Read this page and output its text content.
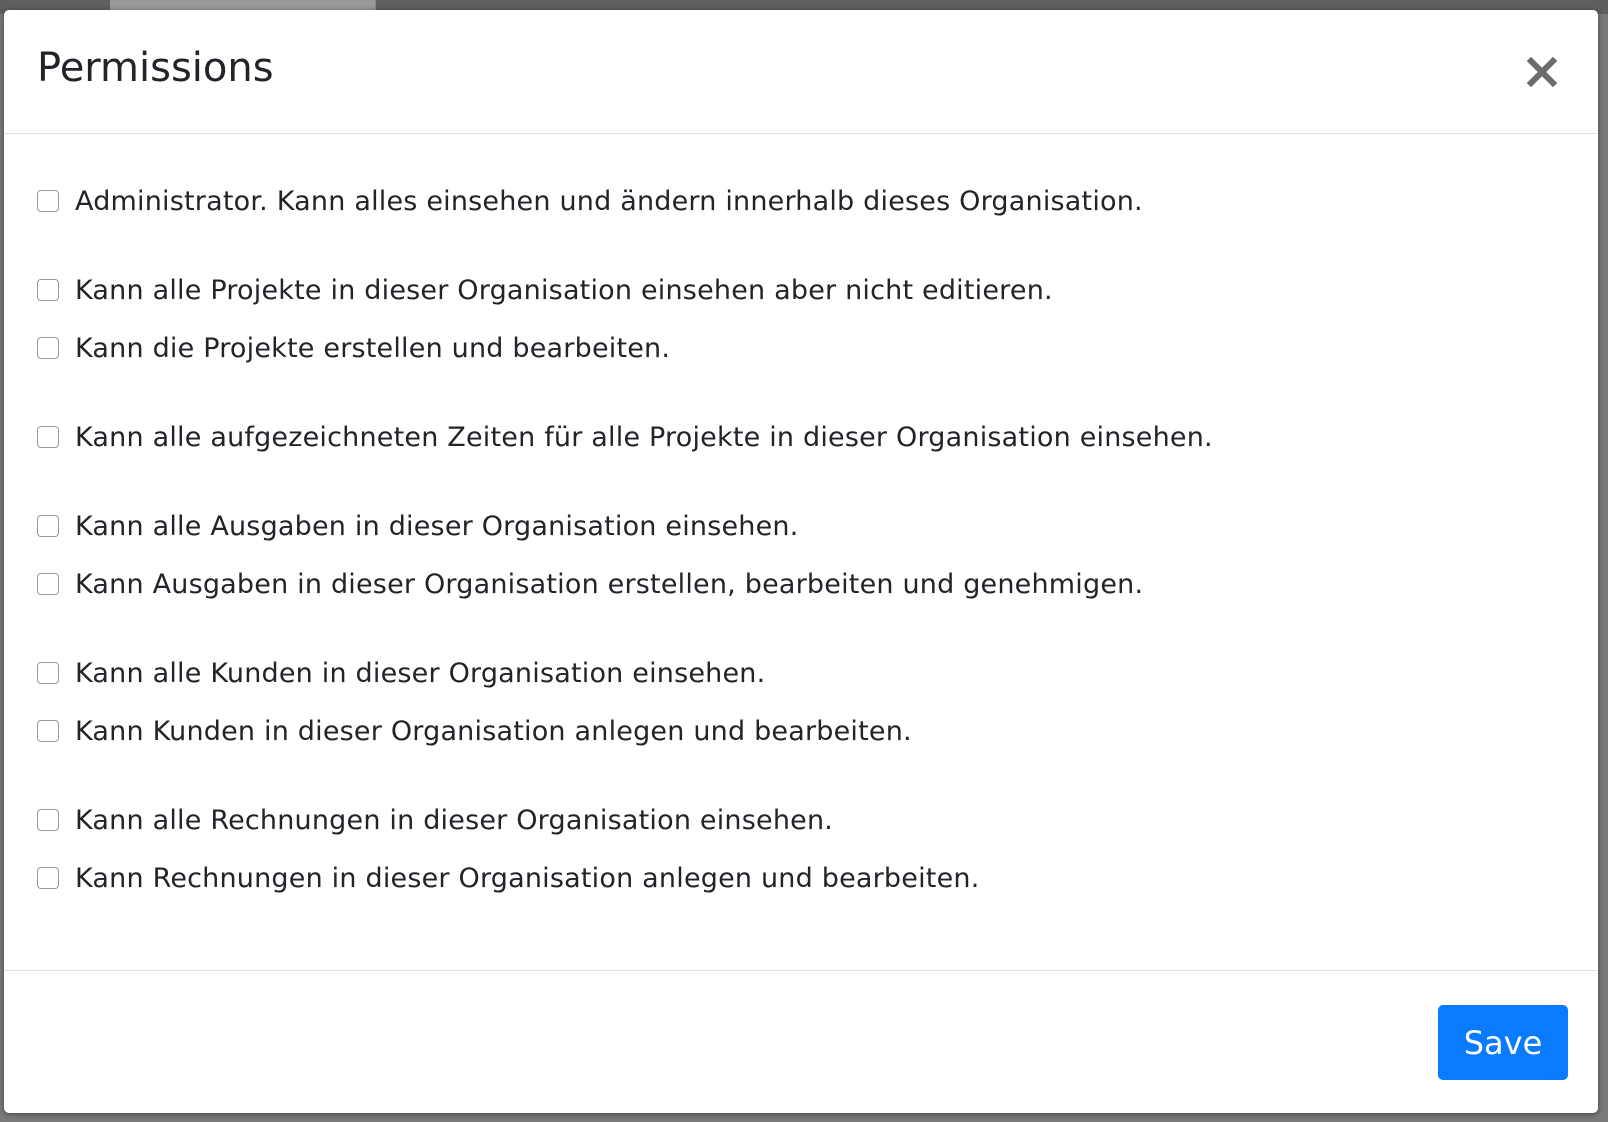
Permissions
Administrator. Kann alles einsehen und ändern innerhalb dieses Organisation.
Kann alle Projekte in dieser Organisation einsehen aber nicht editieren.
Kann die Projekte erstellen und bearbeiten.
Kann alle aufgezeichneten Zeiten für alle Projekte in dieser Organisation einsehen.
Kann alle Ausgaben in dieser Organisation einsehen.
Kann Ausgaben in dieser Organisation erstellen, bearbeiten und genehmigen.
Kann alle Kunden in dieser Organisation einsehen.
Kann Kunden in dieser Organisation anlegen und bearbeiten.
Kann alle Rechnungen in dieser Organisation einsehen.
Kann Rechnungen in dieser Organisation anlegen und bearbeiten.
Save
